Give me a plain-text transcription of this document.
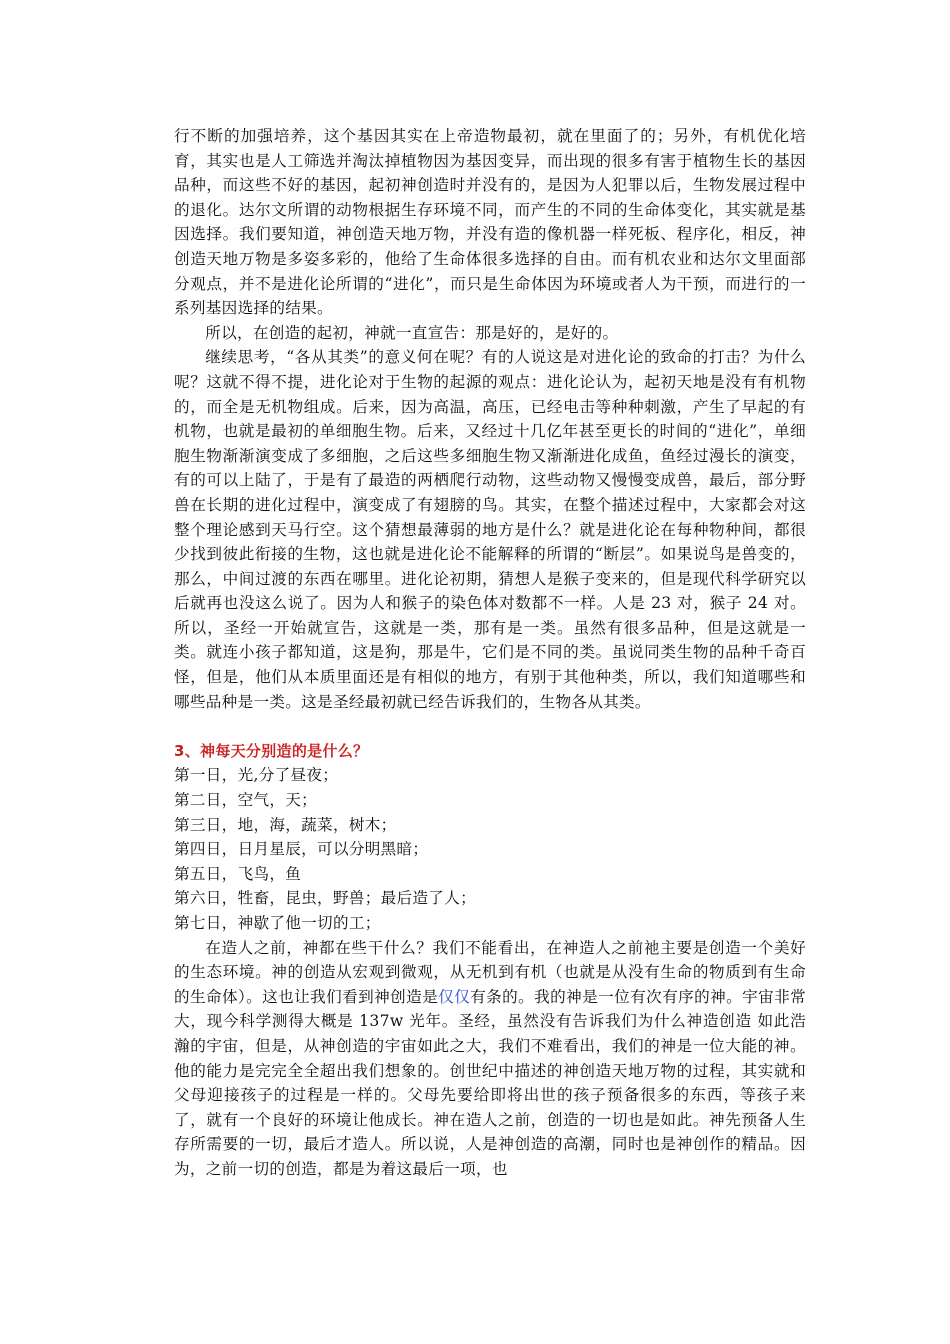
行不断的加强培养，这个基因其实在上帝造物最初，就在里面了的；另外，有机优化培育，其实也是人工筛选并淘汰掉植物因为基因变异，而出现的很多有害于植物生长的基因品种，而这些不好的基因，起初神创造时并没有的，是因为人犯罪以后，生物发展过程中的退化。达尔文所谓的动物根据生存环境不同，而产生的不同的生命体变化，其实就是基因选择。我们要知道，神创造天地万物，并没有造的像机器一样死板、程序化，相反，神创造天地万物是多姿多彩的，他给了生命体很多选择的自由。而有机农业和达尔文里面部分观点，并不是进化论所谓的“进化”，而只是生命体因为环境或者人为干预，而进行的一系列基因选择的结果。

所以，在创造的起初，神就一直宣告：那是好的，是好的。

继续思考，“各从其类”的意义何在呢？有的人说这是对进化论的致命的打击？为什么呢？这就不得不提，进化论对于生物的起源的观点：进化论认为，起初天地是没有有机物的，而全是无机物组成。后来，因为高温，高压，已经电击等种种刺激，产生了早起的有机物，也就是最初的单细胞生物。后来，又经过十几亿年甚至更长的时间的“进化”，单细胞生物渐渐演变成了多细胞，之后这些多细胞生物又渐渐进化成鱼，鱼经过漫长的演变，有的可以上陆了，于是有了最造的两栖爬行动物，这些动物又慢慢变成兽，最后，部分野兽在长期的进化过程中，演变成了有翅膀的鸟。其实，在整个描述过程中，大家都会对这整个理论感到天马行空。这个猜想最薄弱的地方是什么？就是进化论在每种物种间，都很少找到彼此衔接的生物，这也就是进化论不能解释的所谓的“断层”。如果说鸟是兽变的，那么，中间过渡的东西在哪里。进化论初期，猜想人是猴子变来的，但是现代科学研究以后就再也没这么说了。因为人和猴子的染色体对数都不一样。人是 23 对，猴子 24 对。所以，圣经一开始就宣告，这就是一类，那有是一类。虽然有很多品种，但是这就是一类。就连小孩子都知道，这是狗，那是牛，它们是不同的类。虽说同类生物的品种千奇百怪，但是，他们从本质里面还是有相似的地方，有别于其他种类，所以，我们知道哪些和哪些品种是一类。这是圣经最初就已经告诉我们的，生物各从其类。

3、神每天分别造的是什么？

第一日，光,分了昼夜；

第二日，空气，天；

第三日，地，海，蔬菜，树木；

第四日，日月星辰，可以分明黑暗；

第五日，飞鸟，鱼

第六日，牲畜，昆虫，野兽；最后造了人；

第七日，神歇了他一切的工；

在造人之前，神都在些干什么？我们不能看出，在神造人之前祂主要是创造一个美好的生态环境。神的创造从宏观到微观，从无机到有机（也就是从没有生命的物质到有生命的生命体）。这也让我们看到神创造是仅仅有条的。我的神是一位有次有序的神。宇宙非常大，现今科学测得大概是 137w 光年。圣经，虽然没有告诉我们为什么神造创造 如此浩瀚的宇宙，但是，从神创造的宇宙如此之大，我们不难看出，我们的神是一位大能的神。他的能力是完完全全超出我们想象的。创世纪中描述的神创造天地万物的过程，其实就和父母迎接孩子的过程是一样的。父母先要给即将出世的孩子预备很多的东西，等孩子来了，就有一个良好的环境让他成长。神在造人之前，创造的一切也是如此。神先预备人生存所需要的一切，最后才造人。所以说，人是神创造的高潮，同时也是神创作的精品。因为，之前一切的创造，都是为着这最后一项，也
